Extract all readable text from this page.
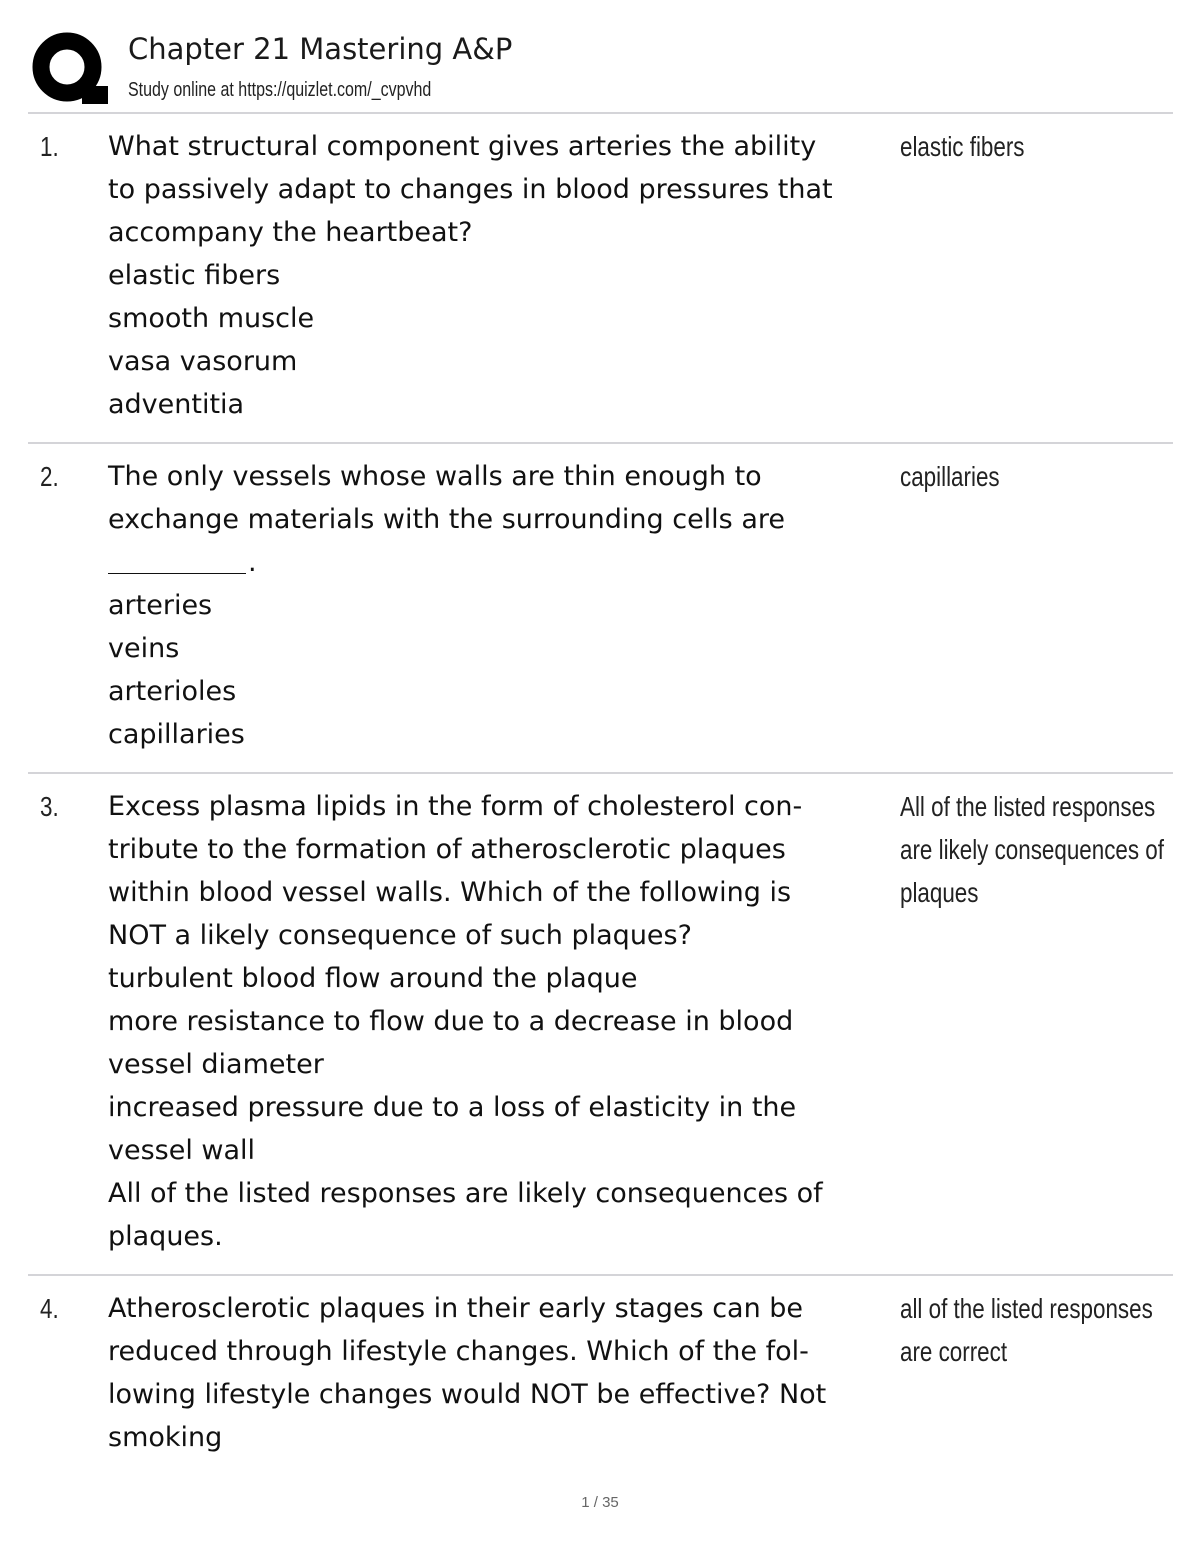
Chapter 21 Mastering A&P
Study online at https://quizlet.com/_cvpvhd
1. What structural component gives arteries the ability
to passively adapt to changes in blood pressures that
accompany the heartbeat?
elastic fibers
smooth muscle
vasa vasorum
adventitia
elastic fibers
2. The only vessels whose walls are thin enough to
exchange materials with the surrounding cells are
.
arteries
veins
arterioles
capillaries
capillaries
3. Excess plasma lipids in the form of cholesterol con-
tribute to the formation of atherosclerotic plaques
within blood vessel walls. Which of the following is
NOT a likely consequence of such plaques?
turbulent blood flow around the plaque
more resistance to flow due to a decrease in blood
vessel diameter
increased pressure due to a loss of elasticity in the
vessel wall
All of the listed responses are likely consequences of
plaques.
All of the listed responses
are likely consequences of
plaques
4. Atherosclerotic plaques in their early stages can be
reduced through lifestyle changes. Which of the fol-
lowing lifestyle changes would NOT be effective? Not
smoking
all of the listed responses
are correct
1 / 35
